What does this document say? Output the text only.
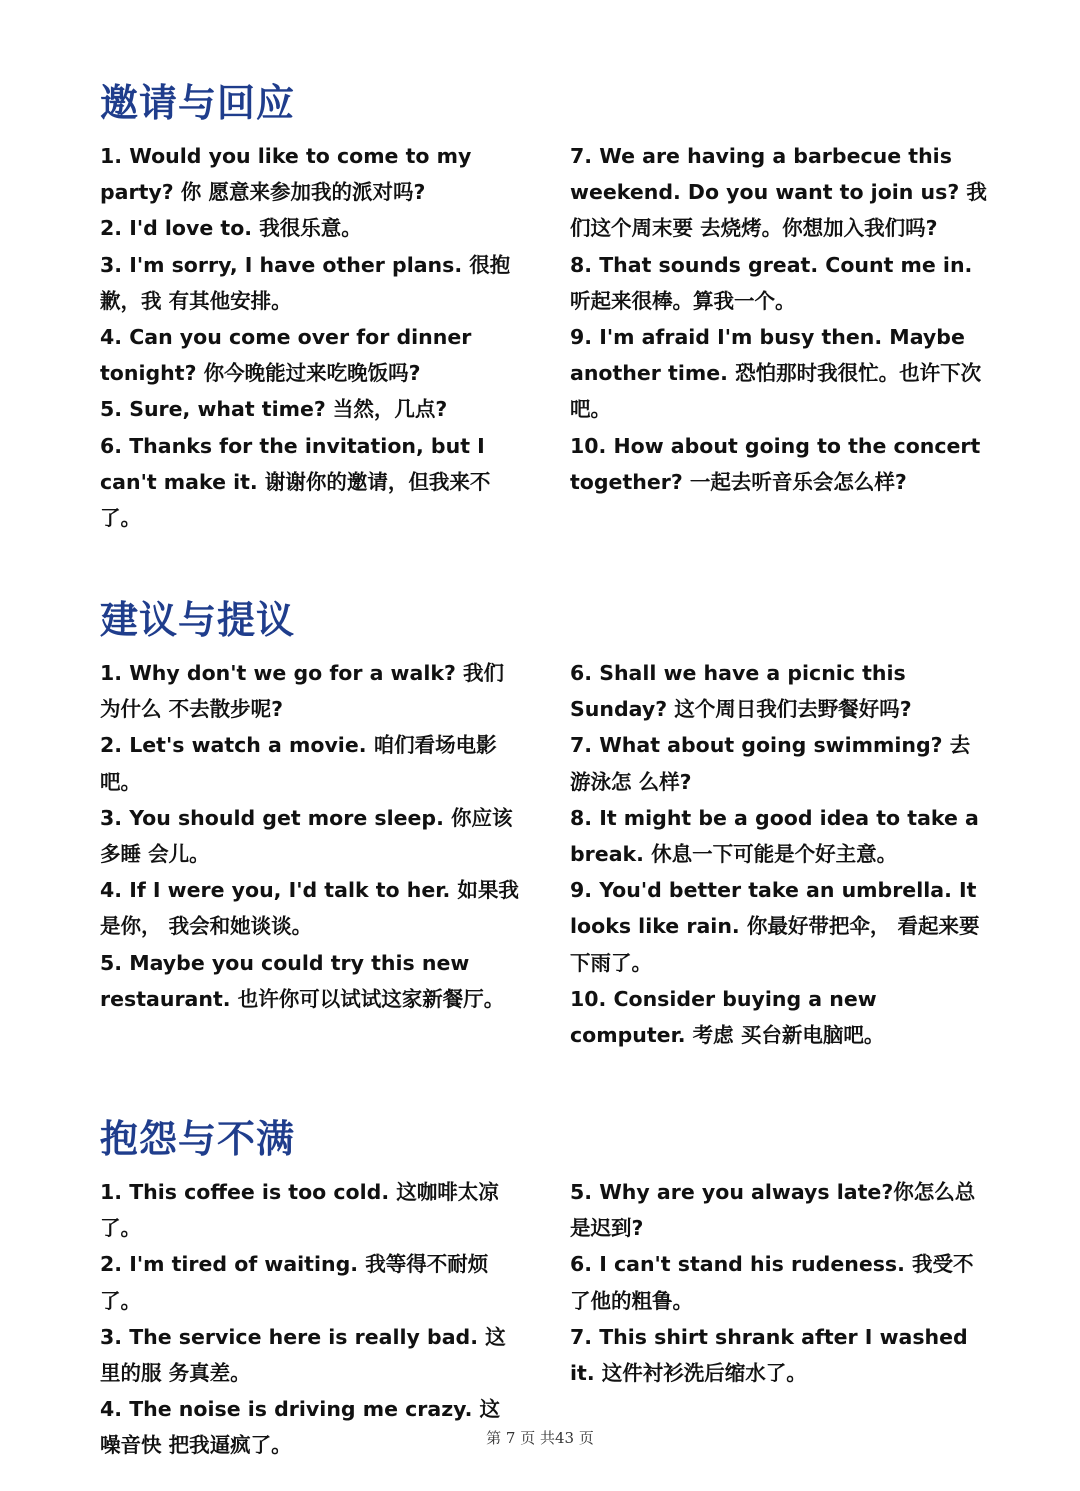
邀请与回应

1. Would you like to come to my party? 你 愿意来参加我的派对吗?

2. I'd love to. 我很乐意。

3. I'm sorry, I have other plans. 很抱歉，我 有其他安排。

4. Can you come over for dinner tonight? 你今晚能过来吃晚饭吗?

5. Sure, what time? 当然，几点?

6. Thanks for the invitation, but I can't make it. 谢谢你的邀请，但我来不了。

7. We are having a barbecue this weekend. Do you want to join us? 我们这个周末要 去烧烤。你想加入我们吗?

8. That sounds great. Count me in. 听起来很棒。算我一个。

9. I'm afraid I'm busy then. Maybe another time. 恐怕那时我很忙。也许下次吧。

10. How about going to the concert together? 一起去听音乐会怎么样?

建议与提议

1. Why don't we go for a walk? 我们为什么 不去散步呢?

2. Let's watch a movie. 咱们看场电影吧。

3. You should get more sleep. 你应该多睡 会儿。

4. If I were you, I'd talk to her. 如果我是你， 我会和她谈谈。

5. Maybe you could try this new restaurant. 也许你可以试试这家新餐厅。

6. Shall we have a picnic this Sunday? 这个周日我们去野餐好吗?

7. What about going swimming? 去游泳怎 么样?

8. It might be a good idea to take a break. 休息一下可能是个好主意。

9. You'd better take an umbrella. It looks like rain. 你最好带把伞， 看起来要下雨了。

10. Consider buying a new computer. 考虑 买台新电脑吧。

抱怨与不满

1. This coffee is too cold. 这咖啡太凉了。

2. I'm tired of waiting. 我等得不耐烦了。

3. The service here is really bad. 这里的服 务真差。

4. The noise is driving me crazy. 这噪音快 把我逼疯了。

5. Why are you always late?你怎么总是迟到?

6. I can't stand his rudeness. 我受不了他的粗鲁。

7. This shirt shrank after I washed it. 这件衬衫洗后缩水了。

第 7 页 共43 页
